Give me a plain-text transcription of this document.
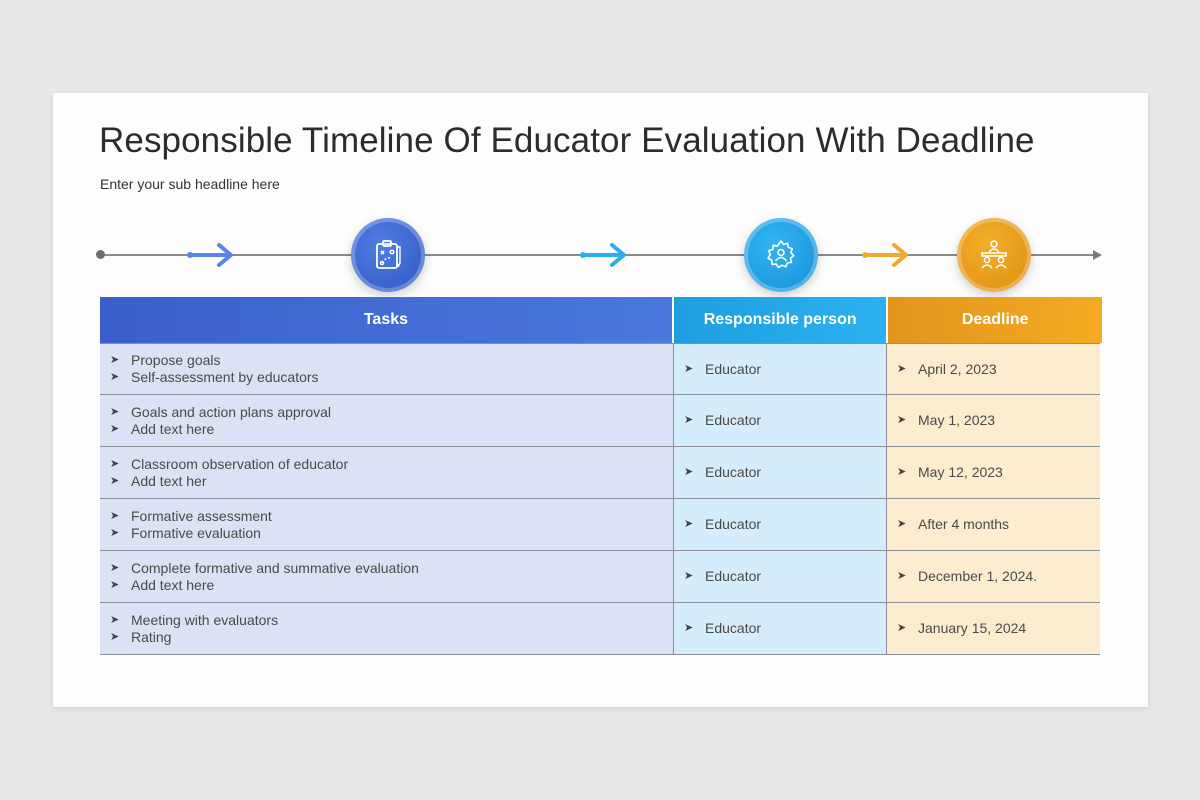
Responsible Timeline Of Educator Evaluation With Deadline
Enter your sub headline here
Tasks	Responsible person	Deadline
➤ Propose goals
➤ Self-assessment by educators
➤ Educator	➤ April 2, 2023
➤ Goals and action plans approval
➤ Add text here
➤ Educator	➤ May 1, 2023
➤ Classroom observation of educator
➤ Add text her
➤ Educator	➤ May 12, 2023
➤ Formative assessment
➤ Formative evaluation
➤ Educator	➤ After 4 months
➤ Complete formative and summative evaluation
➤ Add text here
➤ Educator	➤ December 1, 2024.
➤ Meeting with evaluators
➤ Rating
➤ Educator	➤ January 15, 2024
